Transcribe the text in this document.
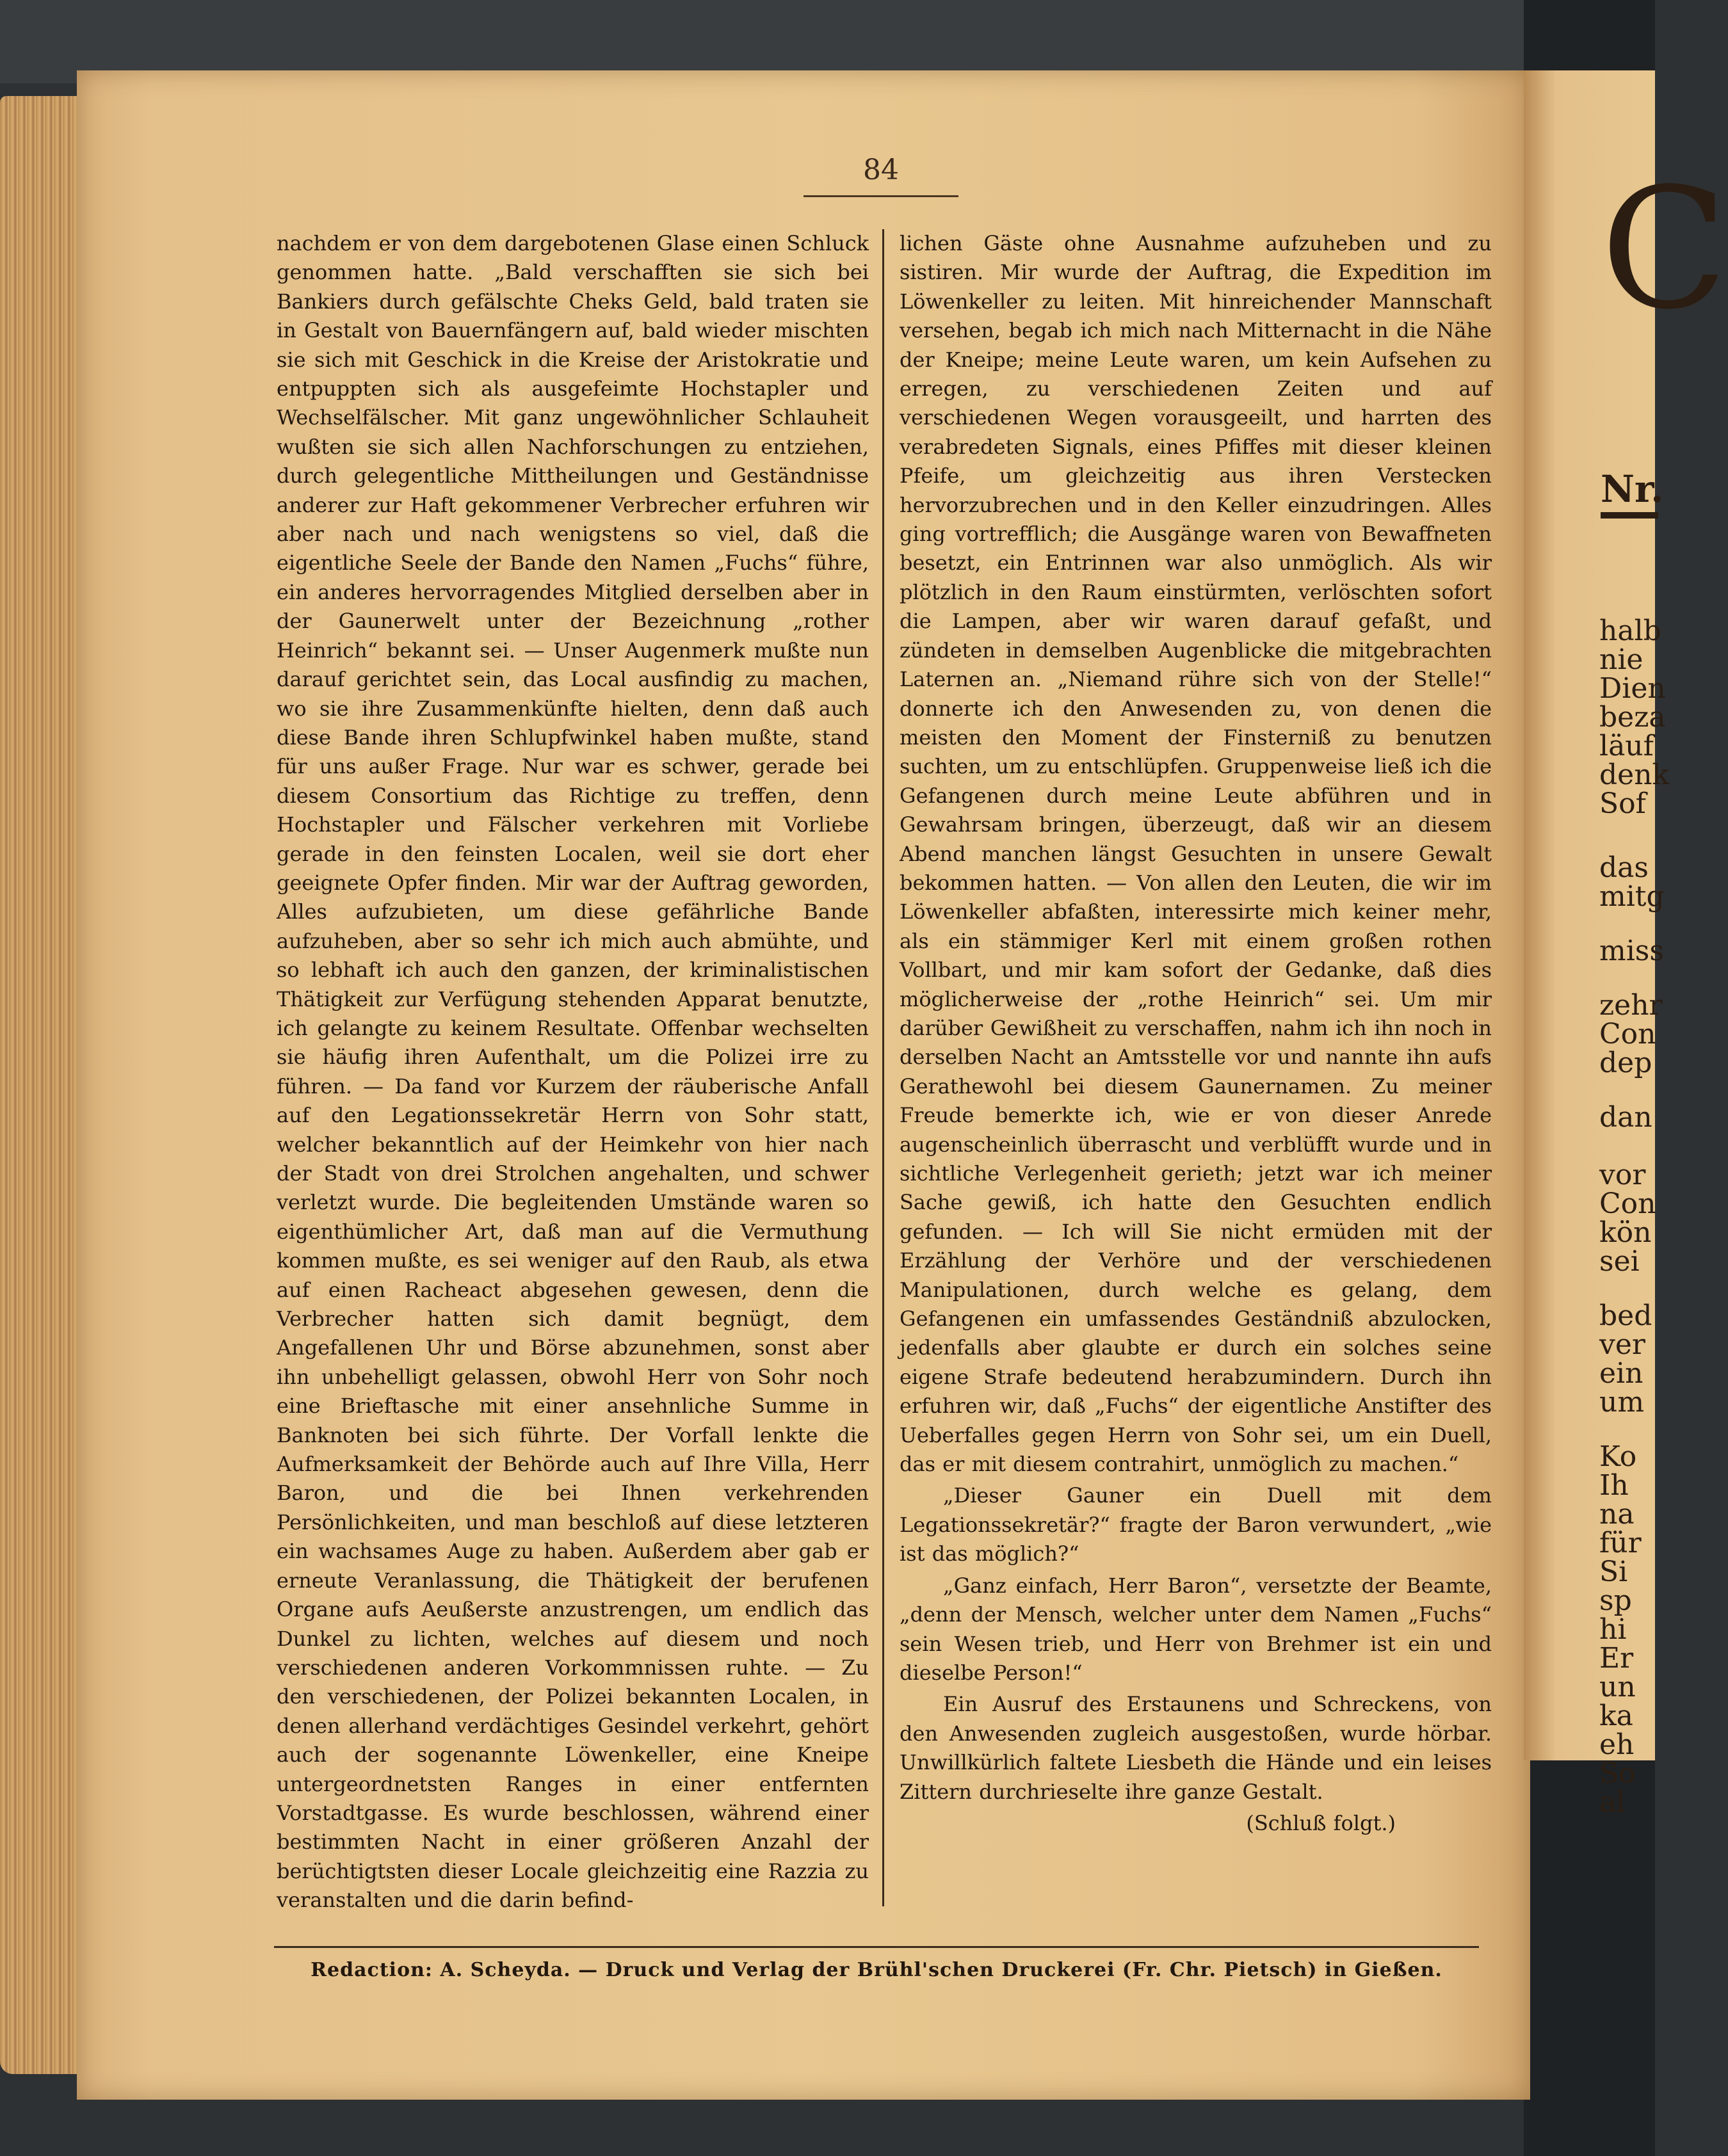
C
Nr.
halb
nie
Dien
beza
läuf
denk
Sof
das
mitg
miss
zehr
Con
dep
dan
vor
Con
kön
sei
bed
ver
ein
um
Ko
Ih
na
für
Si
sp
hi
Er
un
ka
eh
So
al
84

nachdem er von dem dargebotenen Glase einen Schluck genommen hatte. „Bald verschafften sie sich bei Bankiers durch gefälschte Cheks Geld, bald traten sie in Gestalt von Bauernfängern auf, bald wieder mischten sie sich mit Geschick in die Kreise der Aristokratie und entpuppten sich als ausgefeimte Hochstapler und Wechselfälscher. Mit ganz ungewöhnlicher Schlauheit wußten sie sich allen Nachforschungen zu entziehen, durch gelegentliche Mittheilungen und Geständnisse anderer zur Haft gekommener Verbrecher erfuhren wir aber nach und nach wenigstens so viel, daß die eigentliche Seele der Bande den Namen „Fuchs“ führe, ein anderes hervorragendes Mitglied derselben aber in der Gaunerwelt unter der Bezeichnung „rother Heinrich“ bekannt sei. — Unser Augenmerk mußte nun darauf gerichtet sein, das Local ausfindig zu machen, wo sie ihre Zusammenkünfte hielten, denn daß auch diese Bande ihren Schlupfwinkel haben mußte, stand für uns außer Frage. Nur war es schwer, gerade bei diesem Consortium das Richtige zu treffen, denn Hochstapler und Fälscher verkehren mit Vorliebe gerade in den feinsten Localen, weil sie dort eher geeignete Opfer finden. Mir war der Auftrag geworden, Alles aufzubieten, um diese gefährliche Bande aufzuheben, aber so sehr ich mich auch abmühte, und so lebhaft ich auch den ganzen, der kriminalistischen Thätigkeit zur Verfügung stehenden Apparat benutzte, ich gelangte zu keinem Resultate. Offenbar wechselten sie häufig ihren Aufenthalt, um die Polizei irre zu führen. — Da fand vor Kurzem der räuberische Anfall auf den Legationssekretär Herrn von Sohr statt, welcher bekanntlich auf der Heimkehr von hier nach der Stadt von drei Strolchen angehalten, und schwer verletzt wurde. Die begleitenden Umstände waren so eigenthümlicher Art, daß man auf die Vermuthung kommen mußte, es sei weniger auf den Raub, als etwa auf einen Racheact abgesehen gewesen, denn die Verbrecher hatten sich damit begnügt, dem Angefallenen Uhr und Börse abzunehmen, sonst aber ihn unbehelligt gelassen, obwohl Herr von Sohr noch eine Brieftasche mit einer ansehnliche Summe in Banknoten bei sich führte. Der Vorfall lenkte die Aufmerksamkeit der Behörde auch auf Ihre Villa, Herr Baron, und die bei Ihnen verkehrenden Persönlichkeiten, und man beschloß auf diese letzteren ein wachsames Auge zu haben. Außerdem aber gab er erneute Veranlassung, die Thätigkeit der berufenen Organe aufs Aeußerste anzustrengen, um endlich das Dunkel zu lichten, welches auf diesem und noch verschiedenen anderen Vorkommnissen ruhte. — Zu den verschiedenen, der Polizei bekannten Localen, in denen allerhand verdächtiges Gesindel verkehrt, gehört auch der sogenannte Löwenkeller, eine Kneipe untergeordnetsten Ranges in einer entfernten Vorstadtgasse. Es wurde beschlossen, während einer bestimmten Nacht in einer größeren Anzahl der berüchtigtsten dieser Locale gleichzeitig eine Razzia zu veranstalten und die darin befind-

lichen Gäste ohne Ausnahme aufzuheben und zu sistiren. Mir wurde der Auftrag, die Expedition im Löwenkeller zu leiten. Mit hinreichender Mannschaft versehen, begab ich mich nach Mitternacht in die Nähe der Kneipe; meine Leute waren, um kein Aufsehen zu erregen, zu verschiedenen Zeiten und auf verschiedenen Wegen vorausgeeilt, und harrten des verabredeten Signals, eines Pfiffes mit dieser kleinen Pfeife, um gleichzeitig aus ihren Verstecken hervorzubrechen und in den Keller einzudringen. Alles ging vortrefflich; die Ausgänge waren von Bewaffneten besetzt, ein Entrinnen war also unmöglich. Als wir plötzlich in den Raum einstürmten, verlöschten sofort die Lampen, aber wir waren darauf gefaßt, und zündeten in demselben Augenblicke die mitgebrachten Laternen an. „Niemand rühre sich von der Stelle!“ donnerte ich den Anwesenden zu, von denen die meisten den Moment der Finsterniß zu benutzen suchten, um zu entschlüpfen. Gruppenweise ließ ich die Gefangenen durch meine Leute abführen und in Gewahrsam bringen, überzeugt, daß wir an diesem Abend manchen längst Gesuchten in unsere Gewalt bekommen hatten. — Von allen den Leuten, die wir im Löwenkeller abfaßten, interessirte mich keiner mehr, als ein stämmiger Kerl mit einem großen rothen Vollbart, und mir kam sofort der Gedanke, daß dies möglicherweise der „rothe Heinrich“ sei. Um mir darüber Gewißheit zu verschaffen, nahm ich ihn noch in derselben Nacht an Amtsstelle vor und nannte ihn aufs Gerathewohl bei diesem Gaunernamen. Zu meiner Freude bemerkte ich, wie er von dieser Anrede augenscheinlich überrascht und verblüfft wurde und in sichtliche Verlegenheit gerieth; jetzt war ich meiner Sache gewiß, ich hatte den Gesuchten endlich gefunden. — Ich will Sie nicht ermüden mit der Erzählung der Verhöre und der verschiedenen Manipulationen, durch welche es gelang, dem Gefangenen ein umfassendes Geständniß abzulocken, jedenfalls aber glaubte er durch ein solches seine eigene Strafe bedeutend herabzumindern. Durch ihn erfuhren wir, daß „Fuchs“ der eigentliche Anstifter des Ueberfalles gegen Herrn von Sohr sei, um ein Duell, das er mit diesem contrahirt, unmöglich zu machen.“

„Dieser Gauner ein Duell mit dem Legationssekretär?“ fragte der Baron verwundert, „wie ist das möglich?“

„Ganz einfach, Herr Baron“, versetzte der Beamte, „denn der Mensch, welcher unter dem Namen „Fuchs“ sein Wesen trieb, und Herr von Brehmer ist ein und dieselbe Person!“

Ein Ausruf des Erstaunens und Schreckens, von den Anwesenden zugleich ausgestoßen, wurde hörbar. Unwillkürlich faltete Liesbeth die Hände und ein leises Zittern durchrieselte ihre ganze Gestalt.

(Schluß folgt.)

Redaction: A. Scheyda. — Druck und Verlag der Brühl'schen Druckerei (Fr. Chr. Pietsch) in Gießen.
